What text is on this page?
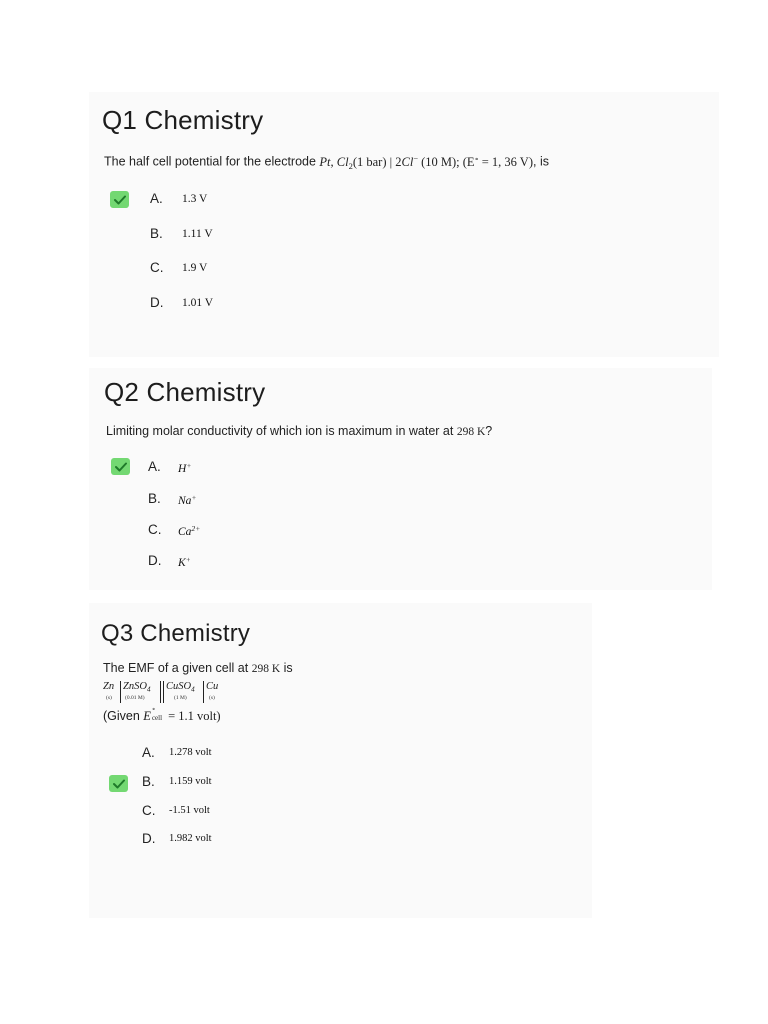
Q1 Chemistry
The half cell potential for the electrode Pt, $Cl_2(1$ bar) | 2Cl− (10 M); (E∘ = 1, 36 V), is
A. 1.3 V
B. 1.11 V
C. 1.9 V
D. 1.01 V
Q2 Chemistry
Limiting molar conductivity of which ion is maximum in water at 298 K?
A. H+
B. Na+
C. $Ca^{2+}$
D. K+
Q3 Chemistry
The EMF of a given cell at 298 K is
Zn
(s)
ZnSO$_4$
(0.01 M)
CuSO$_4$
(1 M)
Cu
(s)
(Given E ∘
cell = 1.1 volt)
A. 1.278 volt
B. 1.159 volt
C. -1.51 volt
D. 1.982 volt
